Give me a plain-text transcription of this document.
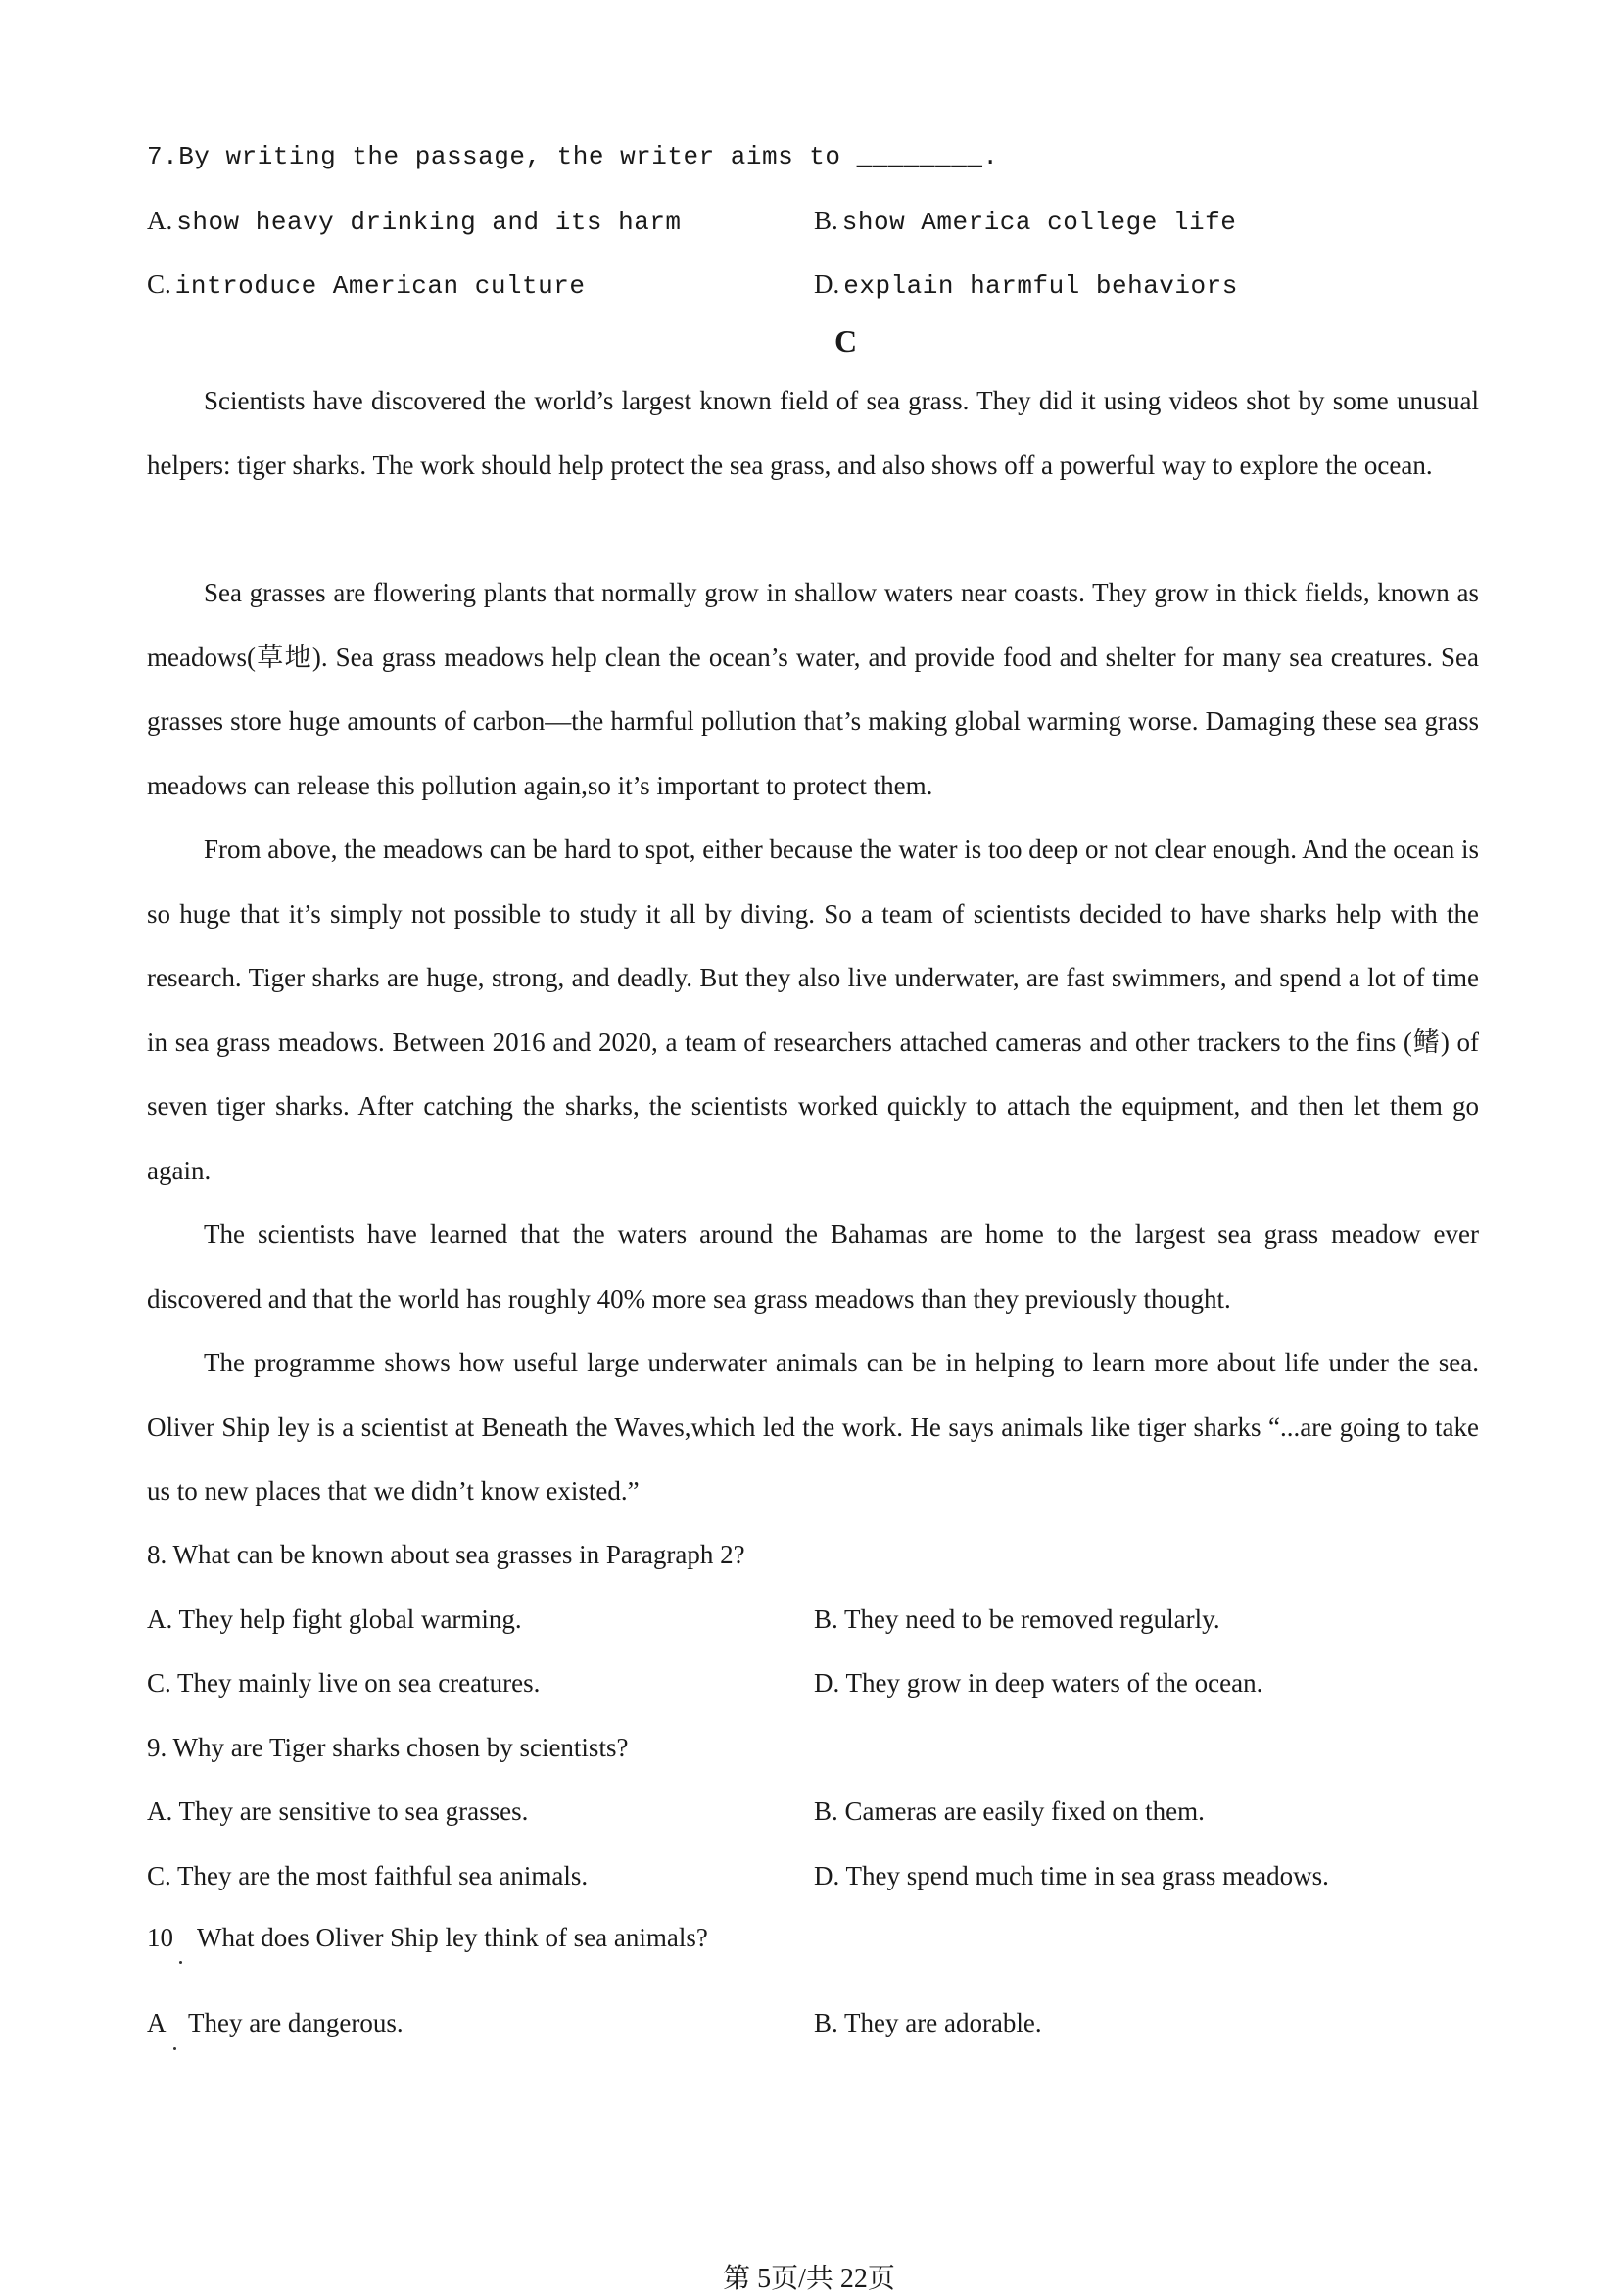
7.By writing the passage, the writer aims to ________.
A. show heavy drinking and its harm	B. show America college life
C. introduce American culture	D. explain harmful behaviors
C

Scientists have discovered the world’s largest known field of sea grass. They did it using videos shot by some unusual helpers: tiger sharks. The work should help protect the sea grass, and also shows off a powerful way to explore the ocean.

Sea grasses are flowering plants that normally grow in shallow waters near coasts. They grow in thick fields, known as meadows(草地). Sea grass meadows help clean the ocean’s water, and provide food and shelter for many sea creatures. Sea grasses store huge amounts of carbon—the harmful pollution that’s making global warming worse. Damaging these sea grass meadows can release this pollution again,so it’s important to protect them.

From above, the meadows can be hard to spot, either because the water is too deep or not clear enough. And the ocean is so huge that it’s simply not possible to study it all by diving. So a team of scientists decided to have sharks help with the research. Tiger sharks are huge, strong, and deadly. But they also live underwater, are fast swimmers, and spend a lot of time in sea grass meadows. Between 2016 and 2020, a team of researchers attached cameras and other trackers to the fins (鳍) of seven tiger sharks. After catching the sharks, the scientists worked quickly to attach the equipment, and then let them go again.

The scientists have learned that the waters around the Bahamas are home to the largest sea grass meadow ever discovered and that the world has roughly 40% more sea grass meadows than they previously thought.

The programme shows how useful large underwater animals can be in helping to learn more about life under the sea. Oliver Ship ley is a scientist at Beneath the Waves,which led the work. He says animals like tiger sharks “...are going to take us to new places that we didn’t know existed.”

8. What can be known about sea grasses in Paragraph 2?
A. They help fight global warming.	B. They need to be removed regularly.
C. They mainly live on sea creatures.	D. They grow in deep waters of the ocean.
9. Why are Tiger sharks chosen by scientists?
A. They are sensitive to sea grasses.	B. Cameras are easily fixed on them.
C. They are the most faithful sea animals.	D. They spend much time in sea grass meadows.
10 What does Oliver Ship ley think of sea animals?
A They are dangerous.	B. They are adorable.
第 5页/共 22页
